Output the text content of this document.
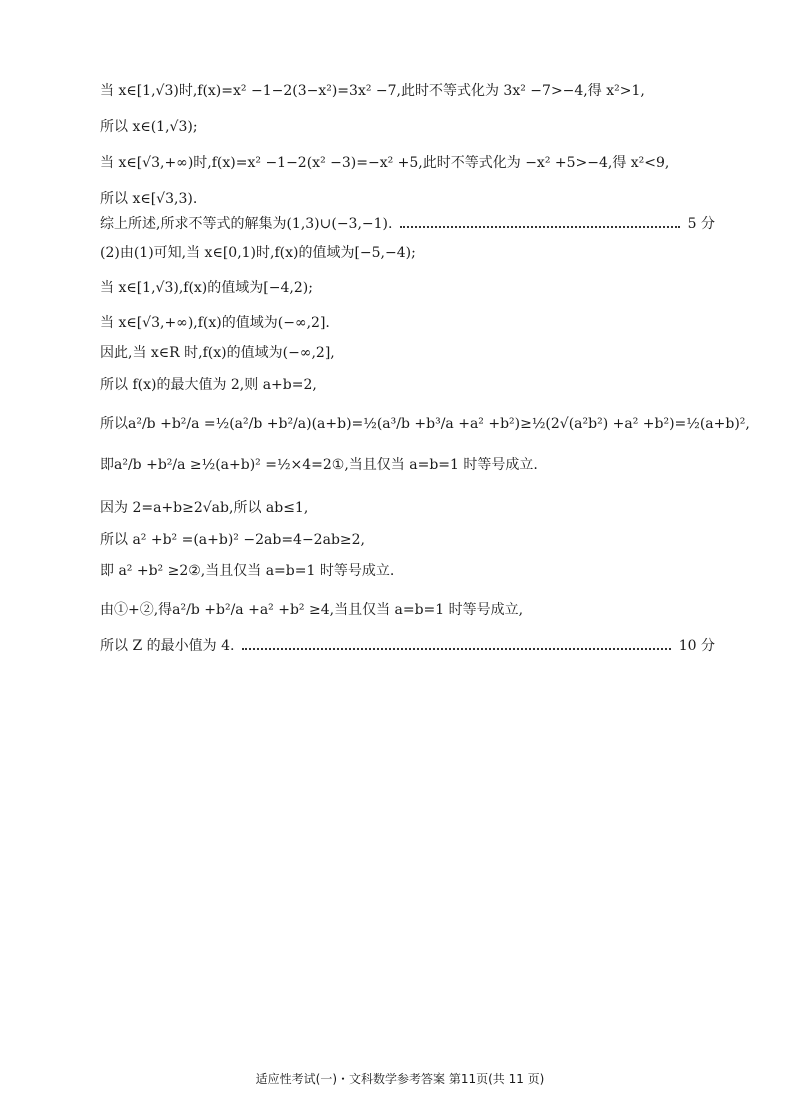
当 x∈[1,√3)时,f(x)=x² −1−2(3−x²)=3x² −7,此时不等式化为 3x² −7>−4,得 x²>1,
所以 x∈(1,√3);
当 x∈[√3,+∞)时,f(x)=x² −1−2(x² −3)=−x² +5,此时不等式化为 −x² +5>−4,得 x²<9,
所以 x∈[√3,3).
综上所述,所求不等式的解集为(1,3)∪(−3,−1).	5 分
(2)由(1)可知,当 x∈[0,1)时,f(x)的值域为[−5,−4);
当 x∈[1,√3),f(x)的值域为[−4,2);
当 x∈[√3,+∞),f(x)的值域为(−∞,2].
因此,当 x∈R 时,f(x)的值域为(−∞,2],
所以 f(x)的最大值为 2,则 a+b=2,
所以a²/b +b²/a =½(a²/b +b²/a)(a+b)=½(a³/b +b³/a +a² +b²)≥½(2√(a²b²) +a² +b²)=½(a+b)²,
即a²/b +b²/a ≥½(a+b)² =½×4=2①,当且仅当 a=b=1 时等号成立.
因为 2=a+b≥2√ab,所以 ab≤1,
所以 a² +b² =(a+b)² −2ab=4−2ab≥2,
即 a² +b² ≥2②,当且仅当 a=b=1 时等号成立.
由①+②,得a²/b +b²/a +a² +b² ≥4,当且仅当 a=b=1 时等号成立,
所以 Z 的最小值为 4.	10 分
适应性考试(一)・文科数学参考答案 第11页(共 11 页)
